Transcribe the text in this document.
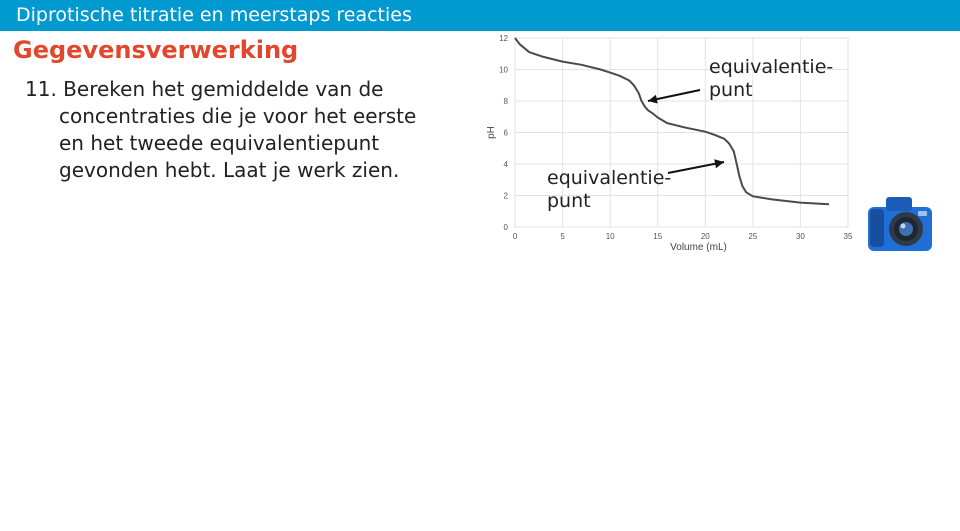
Diprotische titratie en meerstaps reacties
Gegevensverwerking
11. Bereken het gemiddelde van de
concentraties die je voor het eerste
en het tweede equivalentiepunt
gevonden hebt. Laat je werk zien.
0	5	10	15	20	25	30	35
0
2
4
6
8
10
12
Volume (mL)
pH
equivalentie-
punt
equivalentie-
punt
